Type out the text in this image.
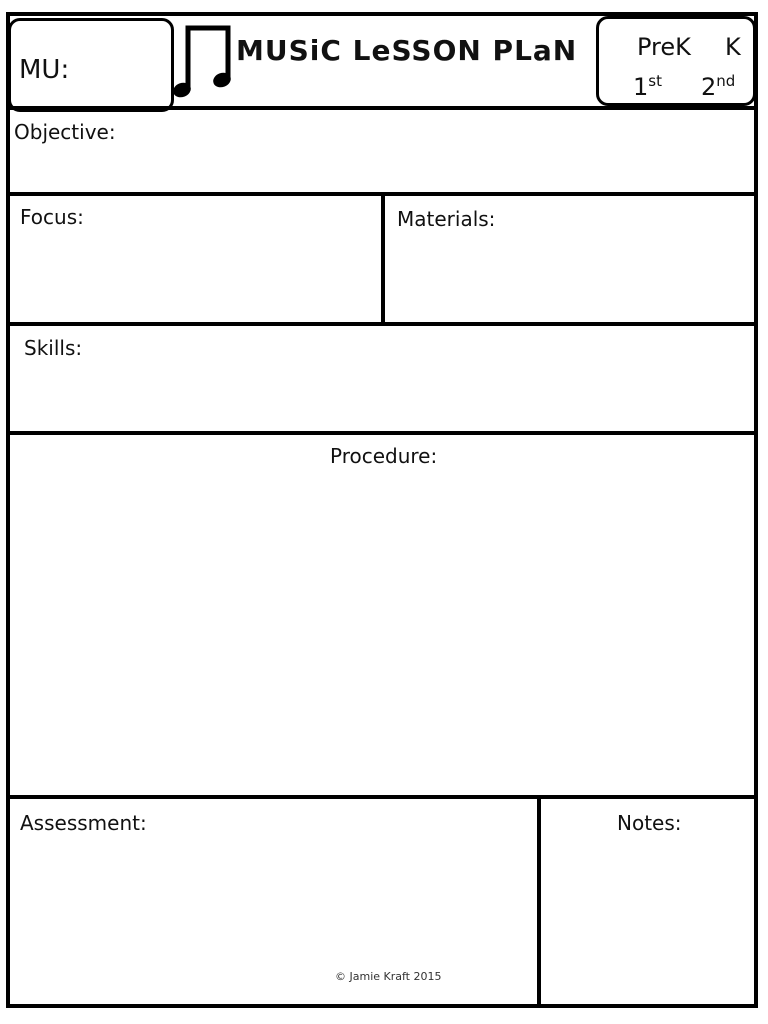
MU:
MUSiC LeSSON PLaN PreK K
1st 2nd
Objective:
Focus:	Materials:
Skills:
Procedure:
Assessment:	Notes:
© Jamie Kraft 2015
